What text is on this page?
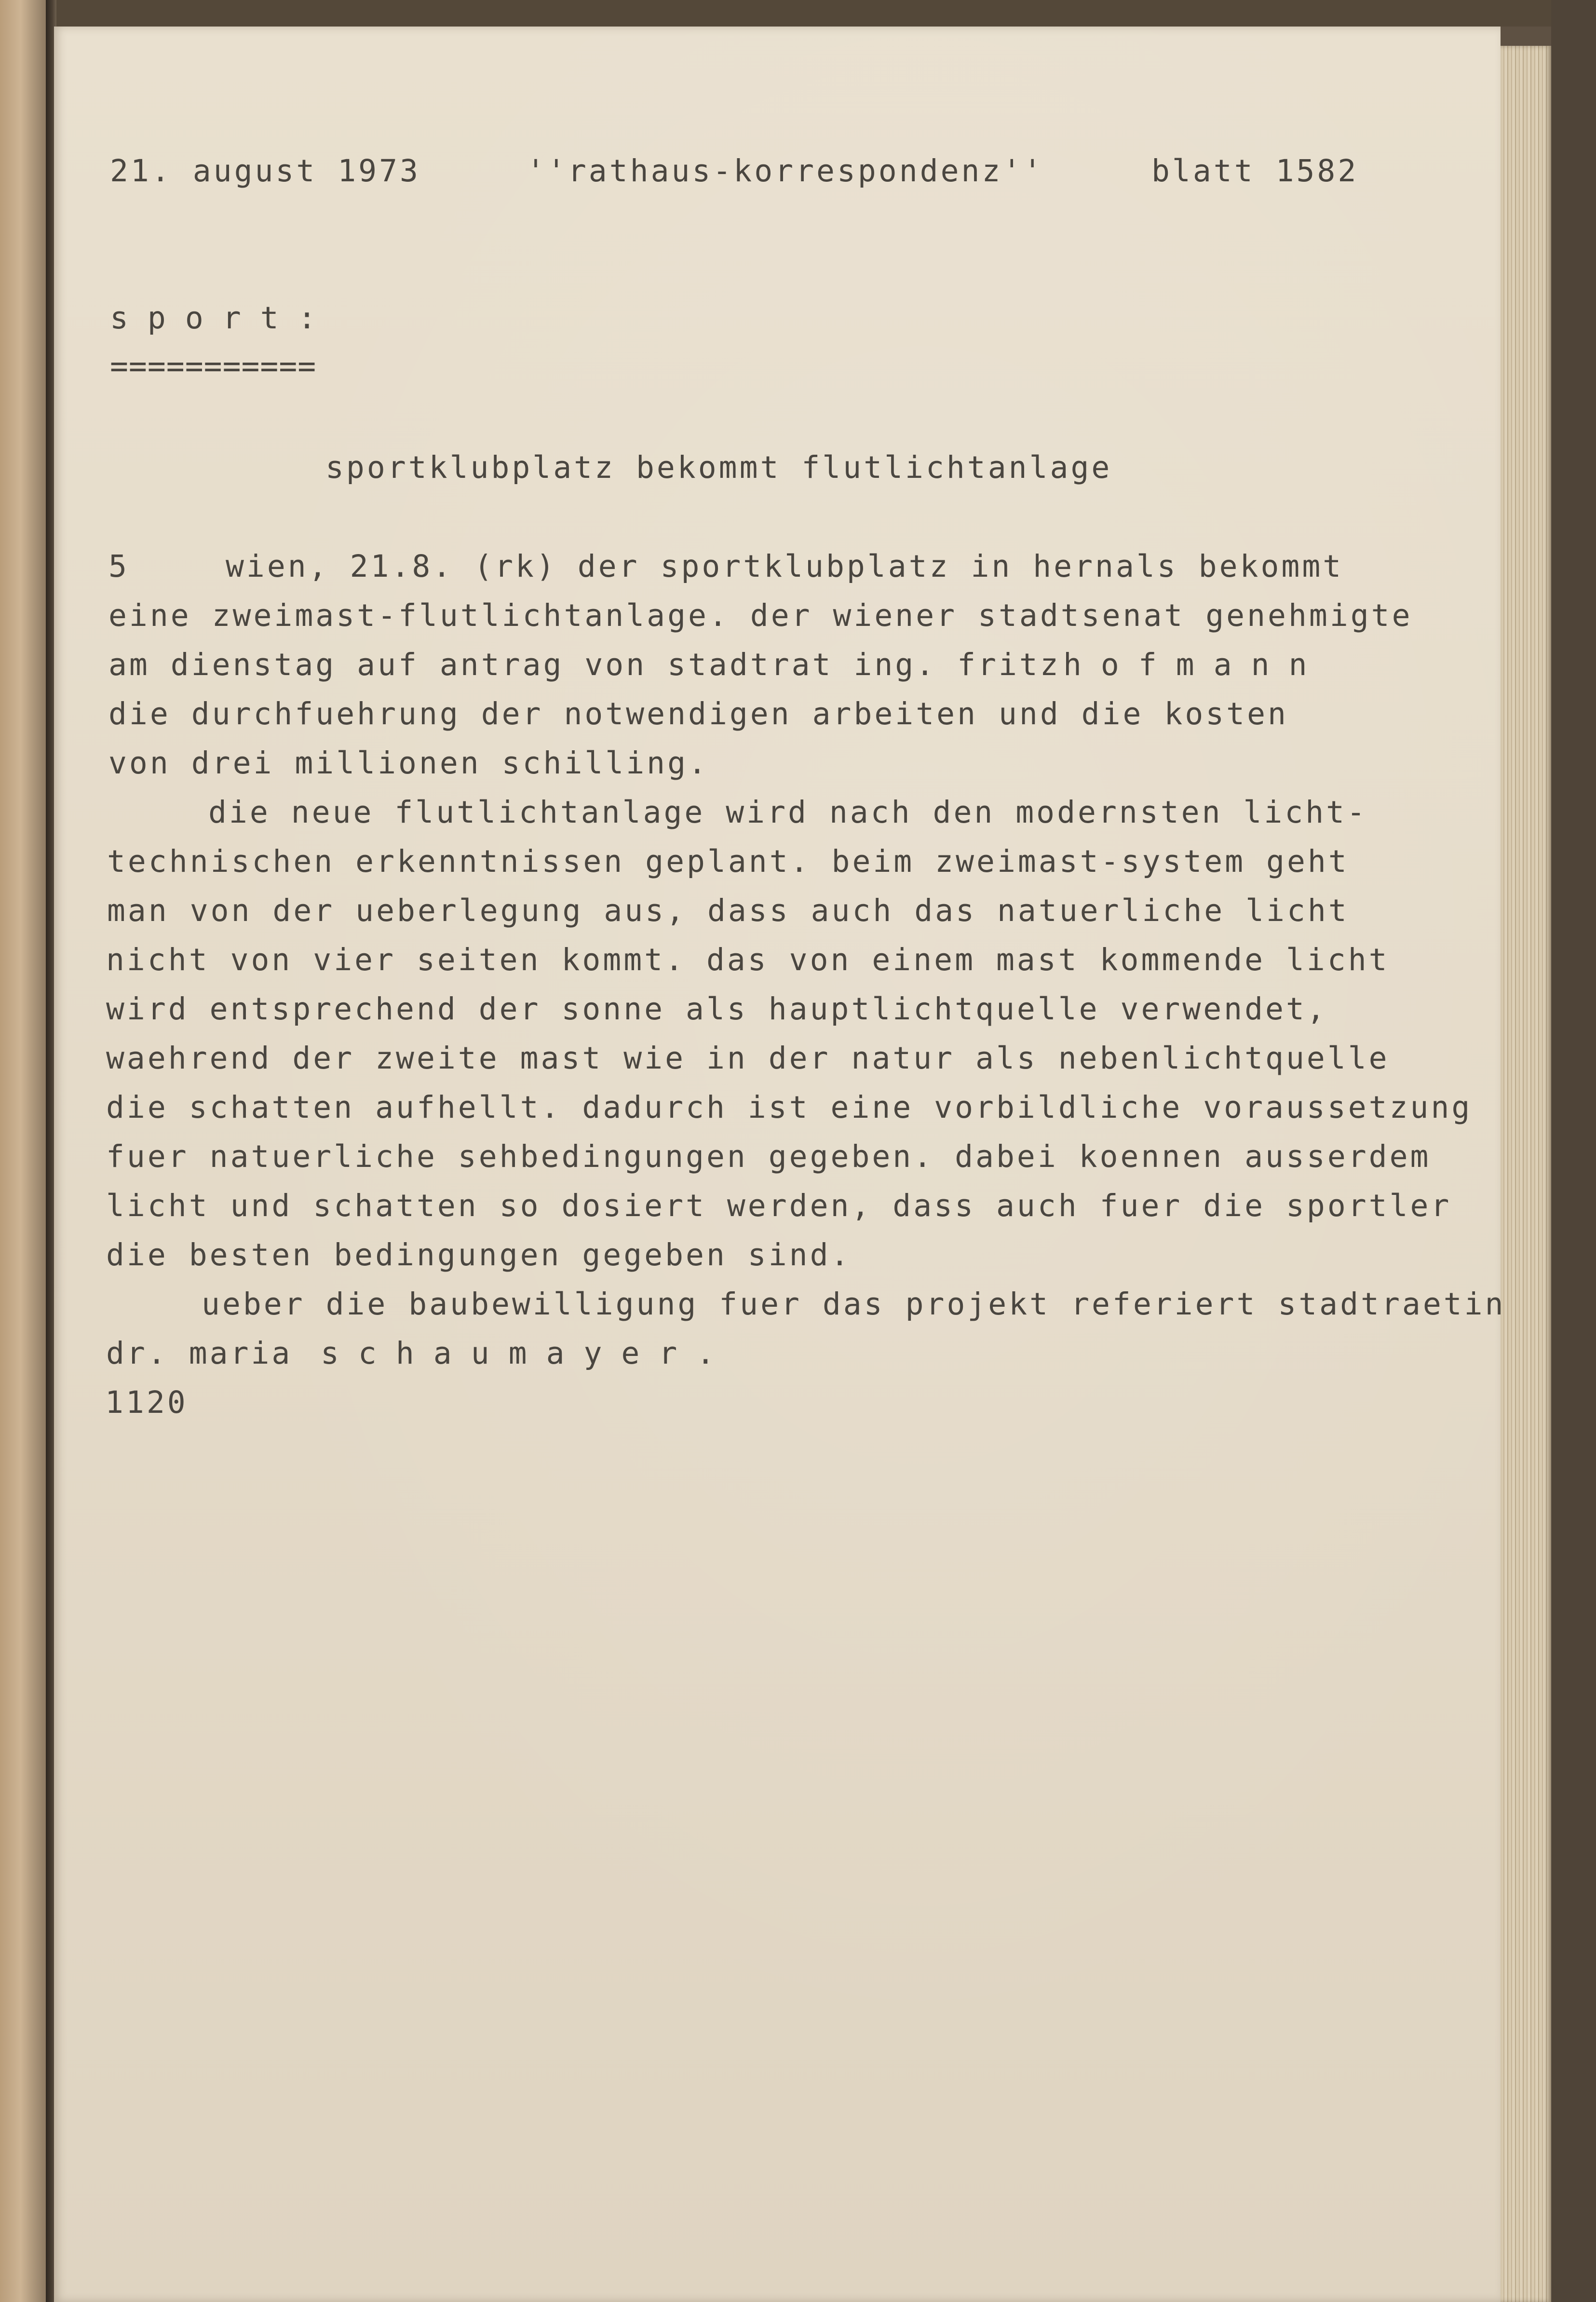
21. august 1973	''rathaus-korrespondenz''	blatt 1582
sport:
===========
sportklubplatz bekommt flutlichtanlage
5	wien, 21.8. (rk) der sportklubplatz in hernals bekommt
eine zweimast-flutlichtanlage. der wiener stadtsenat genehmigte
am dienstag auf antrag von stadtrat ing. fritz hofmann
die durchfuehrung der notwendigen arbeiten und die kosten
von drei millionen schilling.
die neue flutlichtanlage wird nach den modernsten licht-
technischen erkenntnissen geplant. beim zweimast-system geht
man von der ueberlegung aus, dass auch das natuerliche licht
nicht von vier seiten kommt. das von einem mast kommende licht
wird entsprechend der sonne als hauptlichtquelle verwendet,
waehrend der zweite mast wie in der natur als nebenlichtquelle
die schatten aufhellt. dadurch ist eine vorbildliche voraussetzung
fuer natuerliche sehbedingungen gegeben. dabei koennen ausserdem
licht und schatten so dosiert werden, dass auch fuer die sportler
die besten bedingungen gegeben sind.
ueber die baubewilligung fuer das projekt referiert stadtraetin
dr. maria schaumayer.
1120
